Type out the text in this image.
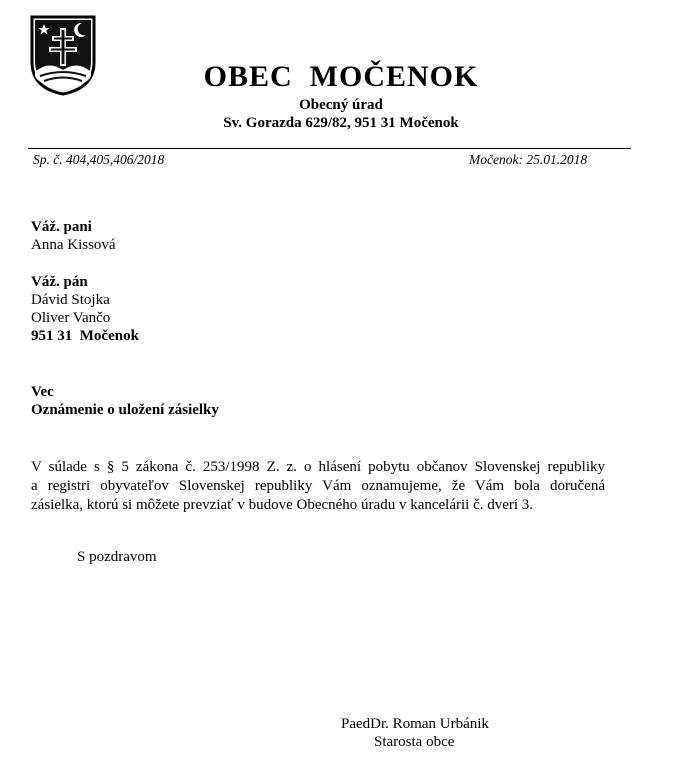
OBEC  MOČENOK
Obecný úrad
Sv. Gorazda 629/82, 951 31 Močenok
Sp. č. 404,405,406/2018	Močenok: 25.01.2018
Váž. pani
Anna Kissová
Váž. pán
Dávid Stojka
Oliver Vančo
951 31  Močenok
Vec
Oznámenie o uložení zásielky
V súlade s § 5 zákona č. 253/1998 Z. z. o hlásení pobytu občanov Slovenskej republiky
a registri obyvateľov Slovenskej republiky Vám oznamujeme, že Vám bola doručená
zásielka, ktorú si môžete prevziať v budove Obecného úradu v kancelárii č. dverí 3.
S pozdravom
PaedDr. Roman Urbánik
Starosta obce
